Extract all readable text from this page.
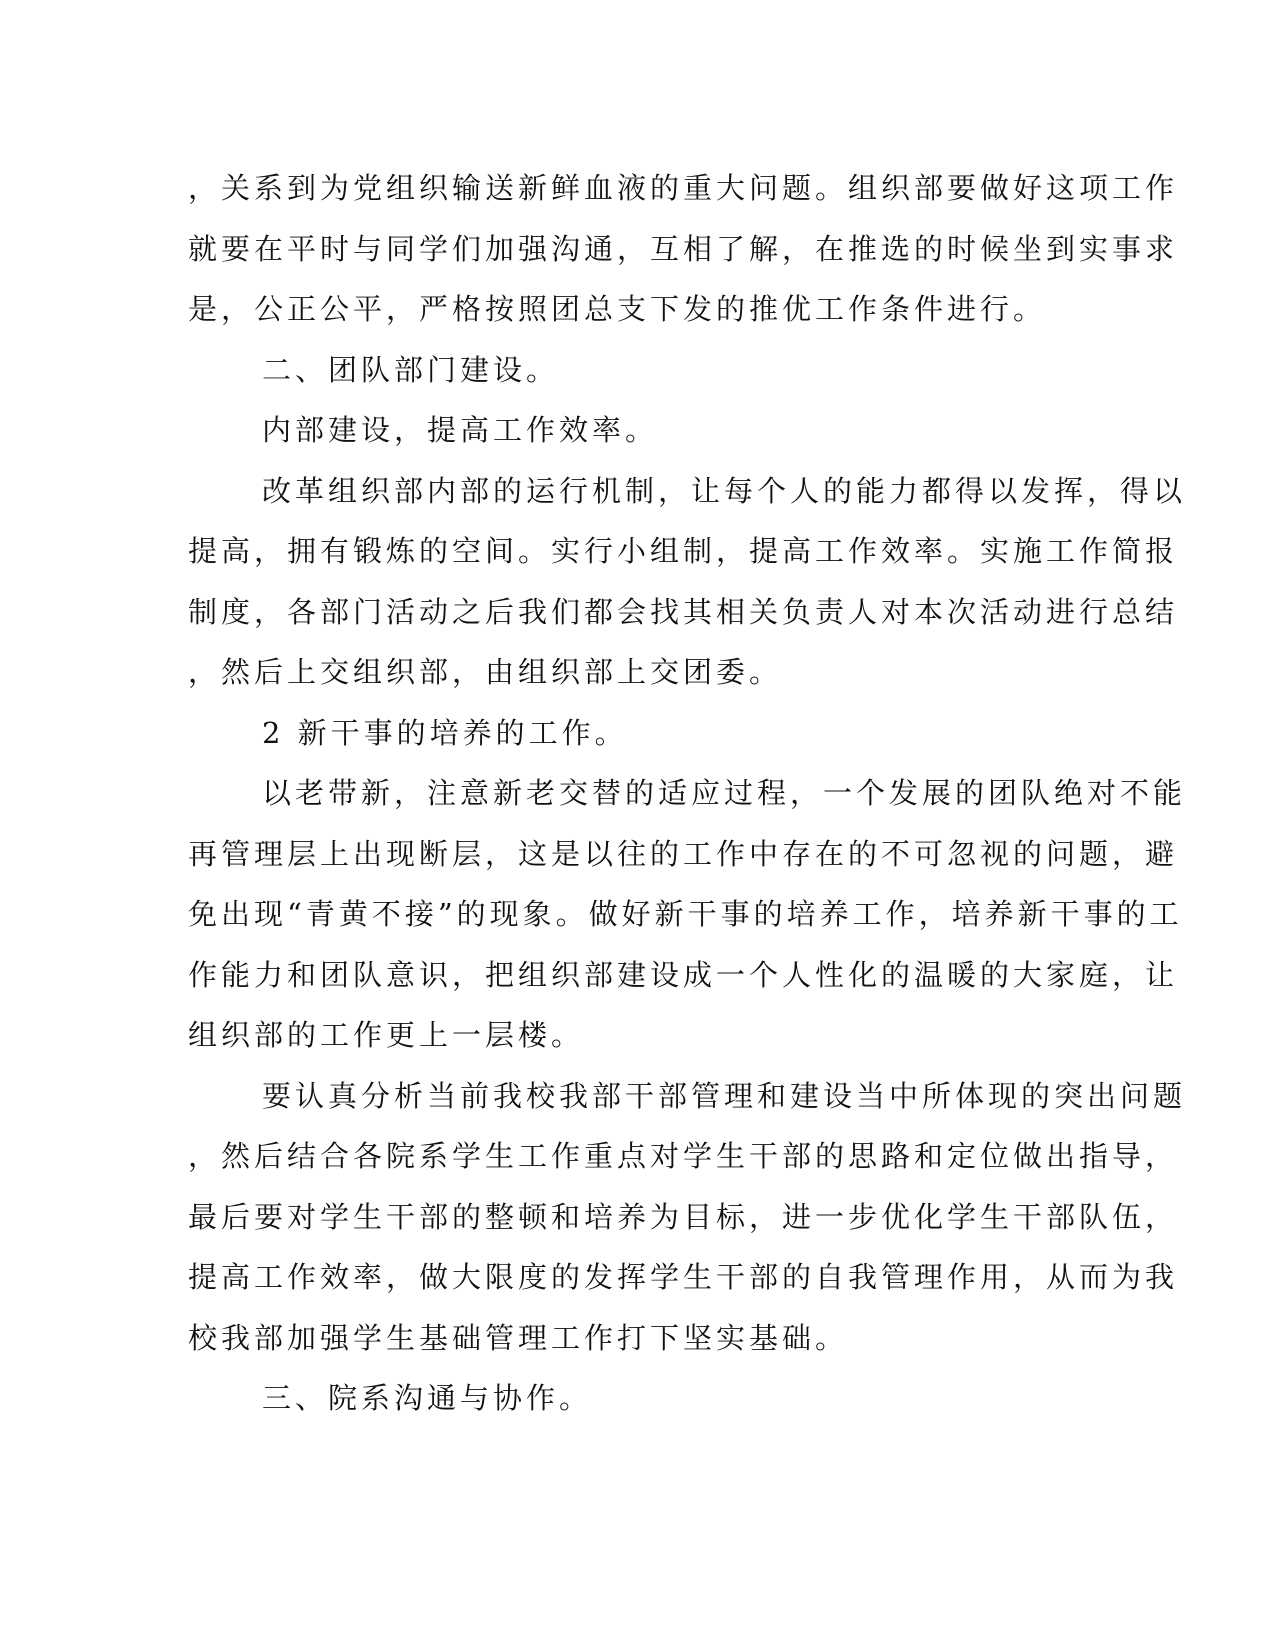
，关系到为党组织输送新鲜血液的重大问题。组织部要做好这项工作
就要在平时与同学们加强沟通，互相了解，在推选的时候坐到实事求
是，公正公平，严格按照团总支下发的推优工作条件进行。
二、团队部门建设。
内部建设，提高工作效率。
改革组织部内部的运行机制，让每个人的能力都得以发挥，得以
提高，拥有锻炼的空间。实行小组制，提高工作效率。实施工作简报
制度，各部门活动之后我们都会找其相关负责人对本次活动进行总结
，然后上交组织部，由组织部上交团委。
2 新干事的培养的工作。
以老带新，注意新老交替的适应过程，一个发展的团队绝对不能
再管理层上出现断层，这是以往的工作中存在的不可忽视的问题，避
免出现“青黄不接”的现象。做好新干事的培养工作，培养新干事的工
作能力和团队意识，把组织部建设成一个人性化的温暖的大家庭，让
组织部的工作更上一层楼。
要认真分析当前我校我部干部管理和建设当中所体现的突出问题
，然后结合各院系学生工作重点对学生干部的思路和定位做出指导，
最后要对学生干部的整顿和培养为目标，进一步优化学生干部队伍，
提高工作效率，做大限度的发挥学生干部的自我管理作用，从而为我
校我部加强学生基础管理工作打下坚实基础。
三、院系沟通与协作。
